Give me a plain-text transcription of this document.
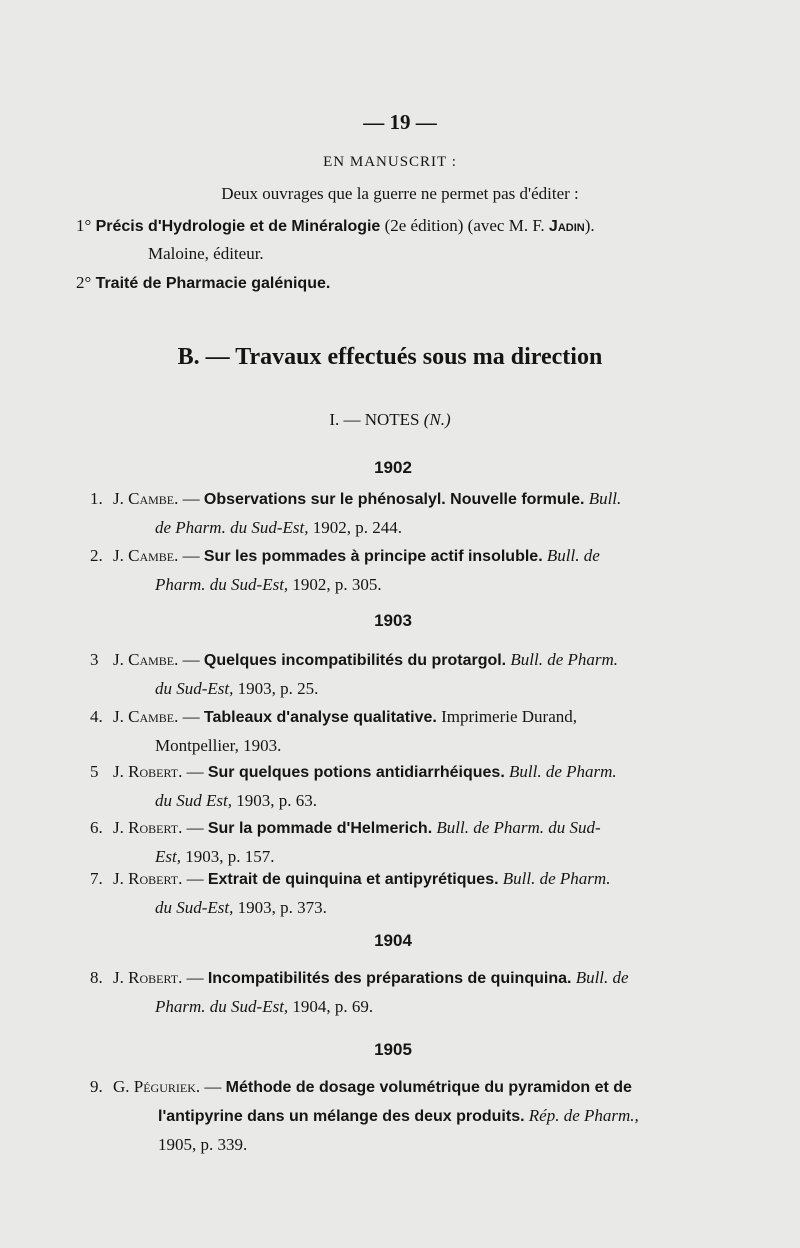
— 19 —
EN MANUSCRIT :
Deux ouvrages que la guerre ne permet pas d'éditer :
1° Précis d'Hydrologie et de Minéralogie (2e édition) (avec M. F. Jadin).
Maloine, éditeur.
2° Traité de Pharmacie galénique.
B. — Travaux effectués sous ma direction
I. — NOTES (N.)
1902
1. J. Cambe. — Observations sur le phénosalyl. Nouvelle formule. Bull.
de Pharm. du Sud-Est, 1902, p. 244.
2. J. Cambe. — Sur les pommades à principe actif insoluble. Bull. de
Pharm. du Sud-Est, 1902, p. 305.
1903
3 J. Cambe. — Quelques incompatibilités du protargol. Bull. de Pharm.
du Sud-Est, 1903, p. 25.
4. J. Cambe. — Tableaux d'analyse qualitative. Imprimerie Durand,
Montpellier, 1903.
5 J. Robert. — Sur quelques potions antidiarrhéiques. Bull. de Pharm.
du Sud Est, 1903, p. 63.
6. J. Robert. — Sur la pommade d'Helmerich. Bull. de Pharm. du Sud-
Est, 1903, p. 157.
7. J. Robert. — Extrait de quinquina et antipyrétiques. Bull. de Pharm.
du Sud-Est, 1903, p. 373.
1904
8. J. Robert. — Incompatibilités des préparations de quinquina. Bull. de
Pharm. du Sud-Est, 1904, p. 69.
1905
9. G. Péguriek. — Méthode de dosage volumétrique du pyramidon et de
l'antipyrine dans un mélange des deux produits. Rép. de Pharm.,
1905, p. 339.
